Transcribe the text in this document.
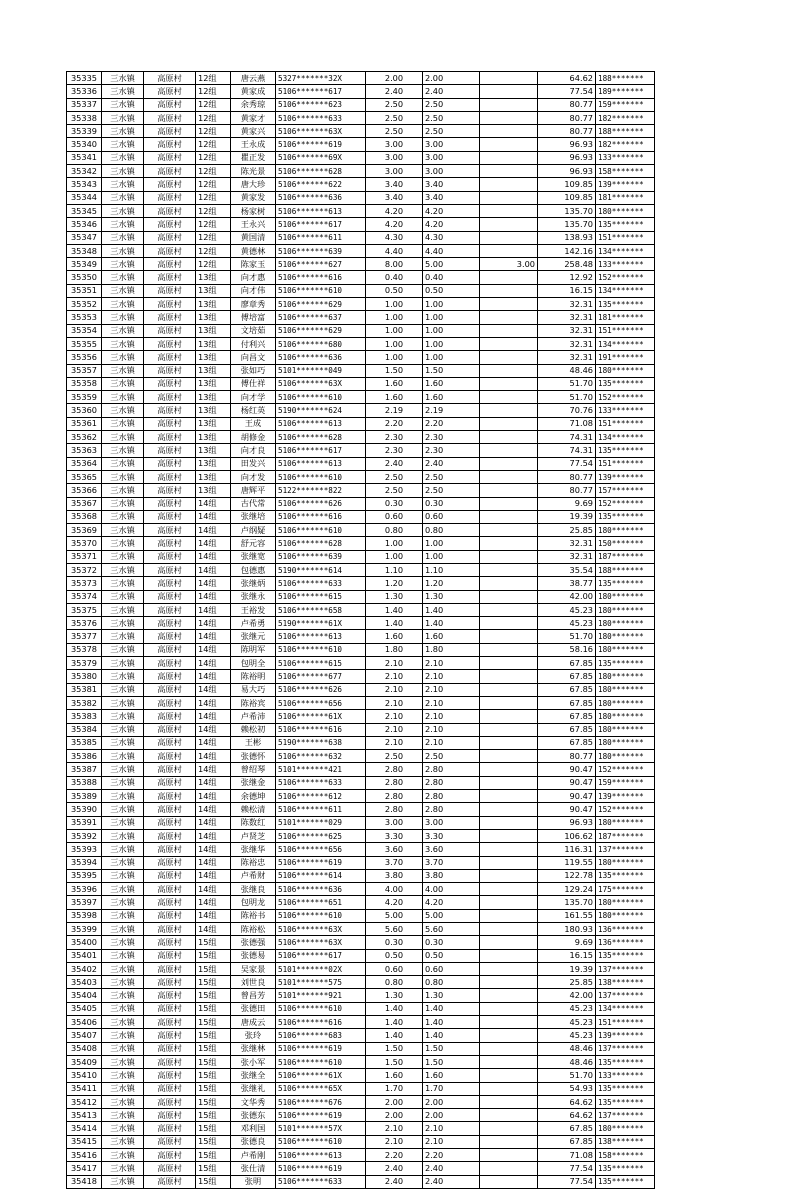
35335	三水镇	高原村	12组	唐云燕	5327*******32X	2.00	2.00		64.62	188*******
35336	三水镇	高原村	12组	黄家成	5106*******617	2.40	2.40		77.54	189*******
35337	三水镇	高原村	12组	余秀琼	5106*******623	2.50	2.50		80.77	159*******
35338	三水镇	高原村	12组	黄家才	5106*******633	2.50	2.50		80.77	182*******
35339	三水镇	高原村	12组	黄家兴	5106*******63X	2.50	2.50		80.77	188*******
35340	三水镇	高原村	12组	王永成	5106*******619	3.00	3.00		96.93	182*******
35341	三水镇	高原村	12组	瞿正发	5106*******69X	3.00	3.00		96.93	133*******
35342	三水镇	高原村	12组	陈光景	5106*******628	3.00	3.00		96.93	158*******
35343	三水镇	高原村	12组	唐大珍	5106*******622	3.40	3.40		109.85	139*******
35344	三水镇	高原村	12组	黄家发	5106*******636	3.40	3.40		109.85	181*******
35345	三水镇	高原村	12组	杨家树	5106*******613	4.20	4.20		135.70	180*******
35346	三水镇	高原村	12组	王永兴	5106*******617	4.20	4.20		135.70	135*******
35347	三水镇	高原村	12组	黄国清	5106*******611	4.30	4.30		138.93	151*******
35348	三水镇	高原村	12组	黄德林	5106*******639	4.40	4.40		142.16	134*******
35349	三水镇	高原村	12组	陈家玉	5106*******627	8.00	5.00	3.00	258.48	133*******
35350	三水镇	高原村	13组	向才惠	5106*******616	0.40	0.40		12.92	152*******
35351	三水镇	高原村	13组	向才伟	5106*******610	0.50	0.50		16.15	134*******
35352	三水镇	高原村	13组	廖章秀	5106*******629	1.00	1.00		32.31	135*******
35353	三水镇	高原村	13组	傅培富	5106*******637	1.00	1.00		32.31	181*******
35354	三水镇	高原村	13组	文培茹	5106*******629	1.00	1.00		32.31	151*******
35355	三水镇	高原村	13组	付利兴	5106*******680	1.00	1.00		32.31	134*******
35356	三水镇	高原村	13组	向昌文	5106*******636	1.00	1.00		32.31	191*******
35357	三水镇	高原村	13组	张如巧	5101*******049	1.50	1.50		48.46	180*******
35358	三水镇	高原村	13组	傅仕祥	5106*******63X	1.60	1.60		51.70	135*******
35359	三水镇	高原村	13组	向才学	5106*******610	1.60	1.60		51.70	152*******
35360	三水镇	高原村	13组	杨红英	5190*******624	2.19	2.19		70.76	133*******
35361	三水镇	高原村	13组	王成	5106*******613	2.20	2.20		71.08	151*******
35362	三水镇	高原村	13组	胡修金	5106*******628	2.30	2.30		74.31	134*******
35363	三水镇	高原村	13组	向才良	5106*******617	2.30	2.30		74.31	135*******
35364	三水镇	高原村	13组	田发兴	5106*******613	2.40	2.40		77.54	151*******
35365	三水镇	高原村	13组	向才发	5106*******610	2.50	2.50		80.77	139*******
35366	三水镇	高原村	13组	唐辉平	5122*******822	2.50	2.50		80.77	157*******
35367	三水镇	高原村	14组	古代常	5106*******626	0.30	0.30		9.69	152*******
35368	三水镇	高原村	14组	张继培	5106*******616	0.60	0.60		19.39	135*******
35369	三水镇	高原村	14组	卢纲疑	5106*******610	0.80	0.80		25.85	180*******
35370	三水镇	高原村	14组	舒元容	5106*******628	1.00	1.00		32.31	150*******
35371	三水镇	高原村	14组	张继宽	5106*******639	1.00	1.00		32.31	187*******
35372	三水镇	高原村	14组	包德惠	5190*******614	1.10	1.10		35.54	188*******
35373	三水镇	高原村	14组	张继炳	5106*******633	1.20	1.20		38.77	135*******
35374	三水镇	高原村	14组	张继永	5106*******615	1.30	1.30		42.00	180*******
35375	三水镇	高原村	14组	王裕发	5106*******658	1.40	1.40		45.23	180*******
35376	三水镇	高原村	14组	卢希勇	5190*******61X	1.40	1.40		45.23	180*******
35377	三水镇	高原村	14组	张继元	5106*******613	1.60	1.60		51.70	180*******
35378	三水镇	高原村	14组	陈明军	5106*******610	1.80	1.80		58.16	180*******
35379	三水镇	高原村	14组	包明全	5106*******615	2.10	2.10		67.85	135*******
35380	三水镇	高原村	14组	陈裕明	5106*******677	2.10	2.10		67.85	180*******
35381	三水镇	高原村	14组	易大巧	5106*******626	2.10	2.10		67.85	180*******
35382	三水镇	高原村	14组	陈裕宾	5106*******656	2.10	2.10		67.85	180*******
35383	三水镇	高原村	14组	卢希沛	5106*******61X	2.10	2.10		67.85	180*******
35384	三水镇	高原村	14组	赖松初	5106*******616	2.10	2.10		67.85	180*******
35385	三水镇	高原村	14组	王彬	5190*******638	2.10	2.10		67.85	180*******
35386	三水镇	高原村	14组	张德怀	5106*******632	2.50	2.50		80.77	180*******
35387	三水镇	高原村	14组	曾绍琴	5101*******421	2.80	2.80		90.47	152*******
35388	三水镇	高原村	14组	张继金	5106*******633	2.80	2.80		90.47	159*******
35389	三水镇	高原村	14组	余德坤	5106*******612	2.80	2.80		90.47	139*******
35390	三水镇	高原村	14组	赖松清	5106*******611	2.80	2.80		90.47	152*******
35391	三水镇	高原村	14组	陈数红	5101*******029	3.00	3.00		96.93	180*******
35392	三水镇	高原村	14组	卢贤芝	5106*******625	3.30	3.30		106.62	187*******
35393	三水镇	高原村	14组	张继华	5106*******656	3.60	3.60		116.31	137*******
35394	三水镇	高原村	14组	陈裕忠	5106*******619	3.70	3.70		119.55	180*******
35395	三水镇	高原村	14组	卢希财	5106*******614	3.80	3.80		122.78	135*******
35396	三水镇	高原村	14组	张继良	5106*******636	4.00	4.00		129.24	175*******
35397	三水镇	高原村	14组	包明龙	5106*******651	4.20	4.20		135.70	180*******
35398	三水镇	高原村	14组	陈裕书	5106*******610	5.00	5.00		161.55	180*******
35399	三水镇	高原村	14组	陈裕松	5106*******63X	5.60	5.60		180.93	136*******
35400	三水镇	高原村	15组	张德强	5106*******63X	0.30	0.30		9.69	136*******
35401	三水镇	高原村	15组	张德易	5106*******617	0.50	0.50		16.15	135*******
35402	三水镇	高原村	15组	吴家景	5101*******02X	0.60	0.60		19.39	137*******
35403	三水镇	高原村	15组	刘世良	5101*******575	0.80	0.80		25.85	138*******
35404	三水镇	高原村	15组	曾昌芳	5101*******921	1.30	1.30		42.00	137*******
35405	三水镇	高原村	15组	张德田	5106*******610	1.40	1.40		45.23	134*******
35406	三水镇	高原村	15组	唐成云	5106*******616	1.40	1.40		45.23	151*******
35407	三水镇	高原村	15组	张玲	5106*******683	1.40	1.40		45.23	139*******
35408	三水镇	高原村	15组	张继林	5106*******619	1.50	1.50		48.46	137*******
35409	三水镇	高原村	15组	张小军	5106*******610	1.50	1.50		48.46	135*******
35410	三水镇	高原村	15组	张继全	5106*******61X	1.60	1.60		51.70	133*******
35411	三水镇	高原村	15组	张继礼	5106*******65X	1.70	1.70		54.93	135*******
35412	三水镇	高原村	15组	文华秀	5106*******676	2.00	2.00		64.62	135*******
35413	三水镇	高原村	15组	张德东	5106*******619	2.00	2.00		64.62	137*******
35414	三水镇	高原村	15组	邓利国	5101*******57X	2.10	2.10		67.85	180*******
35415	三水镇	高原村	15组	张德良	5106*******610	2.10	2.10		67.85	138*******
35416	三水镇	高原村	15组	卢希刚	5106*******613	2.20	2.20		71.08	158*******
35417	三水镇	高原村	15组	张仕清	5106*******619	2.40	2.40		77.54	135*******
35418	三水镇	高原村	15组	张明	5106*******633	2.40	2.40		77.54	135*******
